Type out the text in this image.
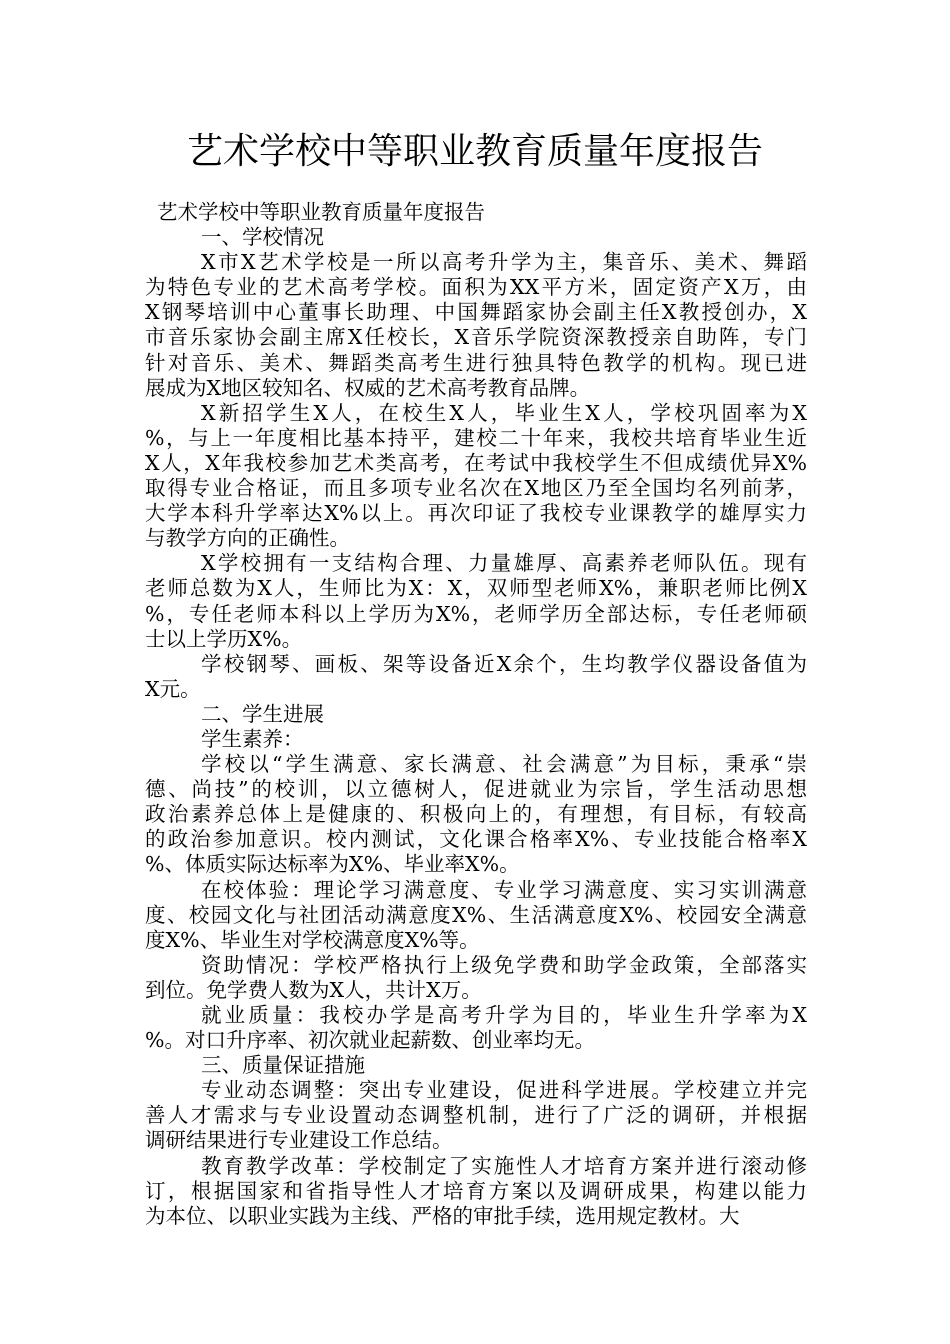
艺术学校中等职业教育质量年度报告

艺术学校中等职业教育质量年度报告

一、学校情况

X市X艺术学校是一所以高考升学为主，集音乐、美术、舞蹈

为特色专业的艺术高考学校。面积为XX平方米，固定资产X万，由

X钢琴培训中心董事长助理、中国舞蹈家协会副主任X教授创办，X

市音乐家协会副主席X任校长，X音乐学院资深教授亲自助阵，专门

针对音乐、美术、舞蹈类高考生进行独具特色教学的机构。现已进

展成为X地区较知名、权威的艺术高考教育品牌。

X新招学生X人，在校生X人，毕业生X人，学校巩固率为X

%，与上一年度相比基本持平，建校二十年来，我校共培育毕业生近

X人，X年我校参加艺术类高考，在考试中我校学生不但成绩优异X%

取得专业合格证，而且多项专业名次在X地区乃至全国均名列前茅，

大学本科升学率达X%以上。再次印证了我校专业课教学的雄厚实力

与教学方向的正确性。

X学校拥有一支结构合理、力量雄厚、高素养老师队伍。现有

老师总数为X人，生师比为X：X，双师型老师X%，兼职老师比例X

%，专任老师本科以上学历为X%，老师学历全部达标，专任老师硕

士以上学历X%。

学校钢琴、画板、架等设备近X余个，生均教学仪器设备值为

X元。

二、学生进展

学生素养：

学校以“学生满意、家长满意、社会满意”为目标，秉承“崇

德、尚技”的校训，以立德树人，促进就业为宗旨，学生活动思想

政治素养总体上是健康的、积极向上的，有理想，有目标，有较高

的政治参加意识。校内测试，文化课合格率X%、专业技能合格率X

%、体质实际达标率为X%、毕业率X%。

在校体验：理论学习满意度、专业学习满意度、实习实训满意

度、校园文化与社团活动满意度X%、生活满意度X%、校园安全满意

度X%、毕业生对学校满意度X%等。

资助情况：学校严格执行上级免学费和助学金政策，全部落实

到位。免学费人数为X人，共计X万。

就业质量：我校办学是高考升学为目的，毕业生升学率为X

%。对口升序率、初次就业起薪数、创业率均无。

三、质量保证措施

专业动态调整：突出专业建设，促进科学进展。学校建立并完

善人才需求与专业设置动态调整机制，进行了广泛的调研，并根据

调研结果进行专业建设工作总结。

教育教学改革：学校制定了实施性人才培育方案并进行滚动修

订，根据国家和省指导性人才培育方案以及调研成果，构建以能力

为本位、以职业实践为主线、严格的审批手续，选用规定教材。大
